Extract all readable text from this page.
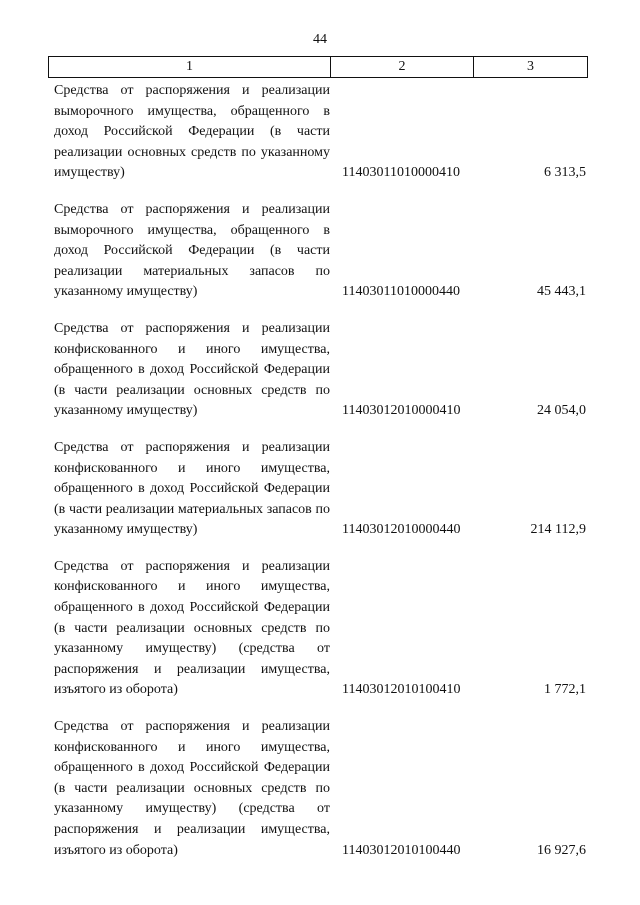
44
1	2	3
Средства от распоряжения и реализации выморочного имущества, обращенного в доход Российской Федерации (в части реализации основных средств по указанному имуществу)	11403011010000410	6 313,5
Средства от распоряжения и реализации выморочного имущества, обращенного в доход Российской Федерации (в части реализации материальных запасов по указанному имуществу)	11403011010000440	45 443,1
Средства от распоряжения и реализации конфискованного и иного имущества, обращенного в доход Российской Федерации (в части реализации основных средств по указанному имуществу)	11403012010000410	24 054,0
Средства от распоряжения и реализации конфискованного и иного имущества, обращенного в доход Российской Федерации (в части реализации материальных запасов по указанному имуществу)	11403012010000440	214 112,9
Средства от распоряжения и реализации конфискованного и иного имущества, обращенного в доход Российской Федерации (в части реализации основных средств по указанному имуществу) (средства от распоряжения и реализации имущества, изъятого из оборота)	11403012010100410	1 772,1
Средства от распоряжения и реализации конфискованного и иного имущества, обращенного в доход Российской Федерации (в части реализации основных средств по указанному имуществу) (средства от распоряжения и реализации имущества, изъятого из оборота)	11403012010100440	16 927,6
